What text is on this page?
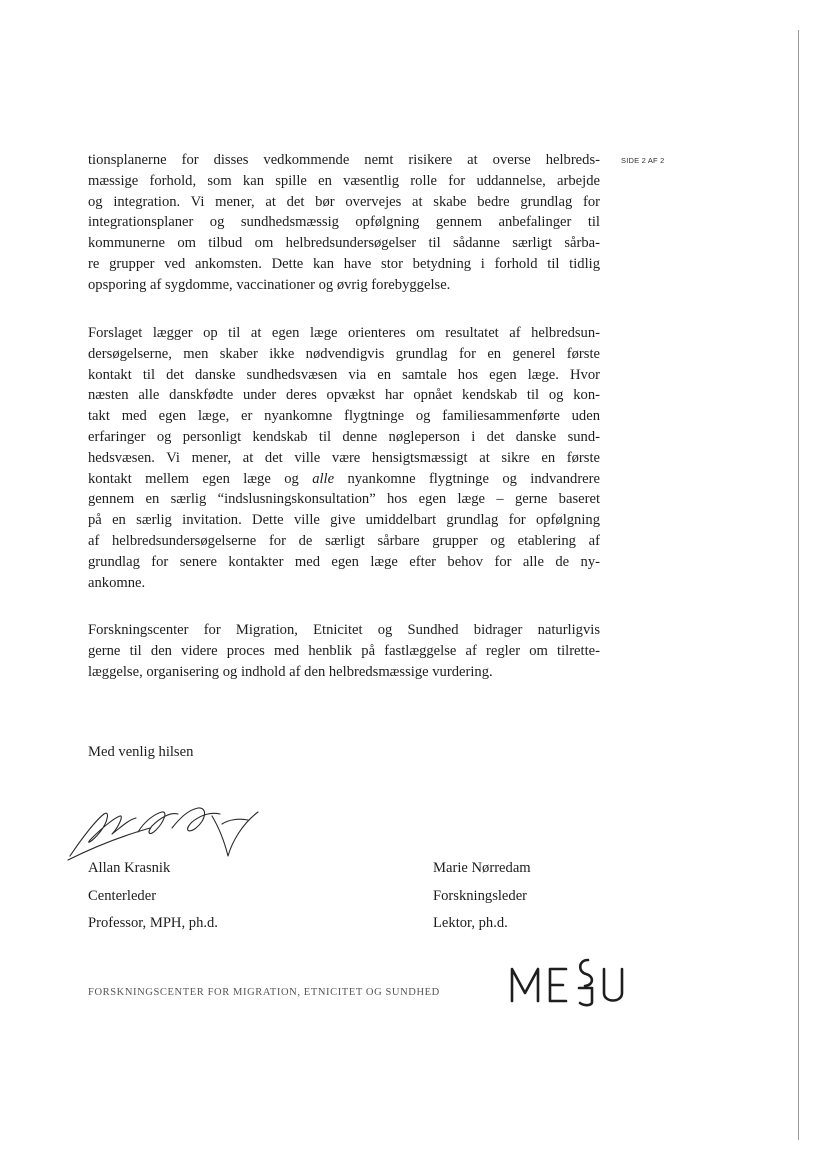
SIDE 2 AF 2

tionsplanerne for disses vedkommende nemt risikere at overse helbreds-
mæssige forhold, som kan spille en væsentlig rolle for uddannelse, arbejde
og integration. Vi mener, at det bør overvejes at skabe bedre grundlag for
integrationsplaner og sundhedsmæssig opfølgning gennem anbefalinger til
kommunerne om tilbud om helbredsundersøgelser til sådanne særligt sårba-
re grupper ved ankomsten. Dette kan have stor betydning i forhold til tidlig
opsporing af sygdomme, vaccinationer og øvrig forebyggelse.

Forslaget lægger op til at egen læge orienteres om resultatet af helbredsun-
dersøgelserne, men skaber ikke nødvendigvis grundlag for en generel første
kontakt til det danske sundhedsvæsen via en samtale hos egen læge. Hvor
næsten alle danskfødte under deres opvækst har opnået kendskab til og kon-
takt med egen læge, er nyankomne flygtninge og familiesammenførte uden
erfaringer og personligt kendskab til denne nøgleperson i det danske sund-
hedsvæsen. Vi mener, at det ville være hensigtsmæssigt at sikre en første
kontakt mellem egen læge og alle nyankomne flygtninge og indvandrere
gennem en særlig “indslusningskonsultation” hos egen læge – gerne baseret
på en særlig invitation. Dette ville give umiddelbart grundlag for opfølgning
af helbredsundersøgelserne for de særligt sårbare grupper og etablering af
grundlag for senere kontakter med egen læge efter behov for alle de ny-
ankomne.

Forskningscenter for Migration, Etnicitet og Sundhed bidrager naturligvis
gerne til den videre proces med henblik på fastlæggelse af regler om tilrette-
læggelse, organisering og indhold af den helbredsmæssige vurdering.

Med venlig hilsen
Allan Krasnik
Centerleder
Professor, MPH, ph.d.
Marie Nørredam
Forskningsleder
Lektor, ph.d.
FORSKNINGSCENTER FOR MIGRATION, ETNICITET OG SUNDHED
